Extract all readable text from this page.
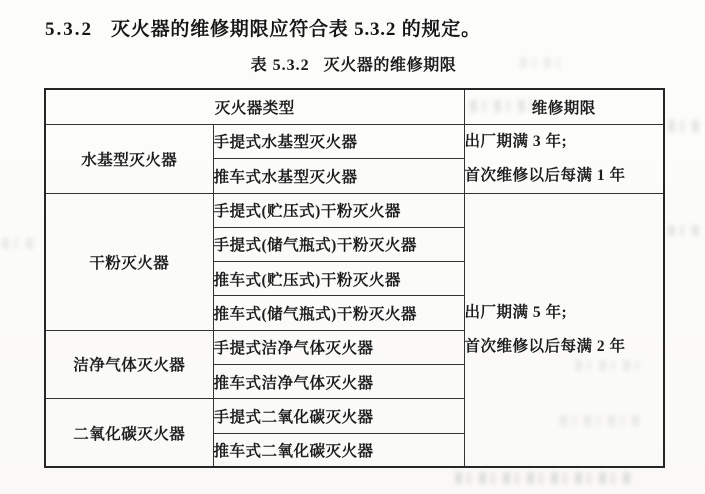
5.3.2 灭火器的维修期限应符合表 5.3.2 的规定。

表 5.3.2 灭火器的维修期限

灭火器类型		维修期限
水基型灭火器	手提式水基型灭火器	出厂期满 3 年;
首次维修以后每满 1 年

	推车式水基型灭火器	
干粉灭火器	手提式(贮压式)干粉灭火器	出厂期满 5 年;
首次维修以后每满 2 年

	手提式(储气瓶式)干粉灭火器	
	推车式(贮压式)干粉灭火器	
	推车式(储气瓶式)干粉灭火器	
洁净气体灭火器	手提式洁净气体灭火器	
	推车式洁净气体灭火器	
二氧化碳灭火器	手提式二氧化碳灭火器	
	推车式二氧化碳灭火器	
